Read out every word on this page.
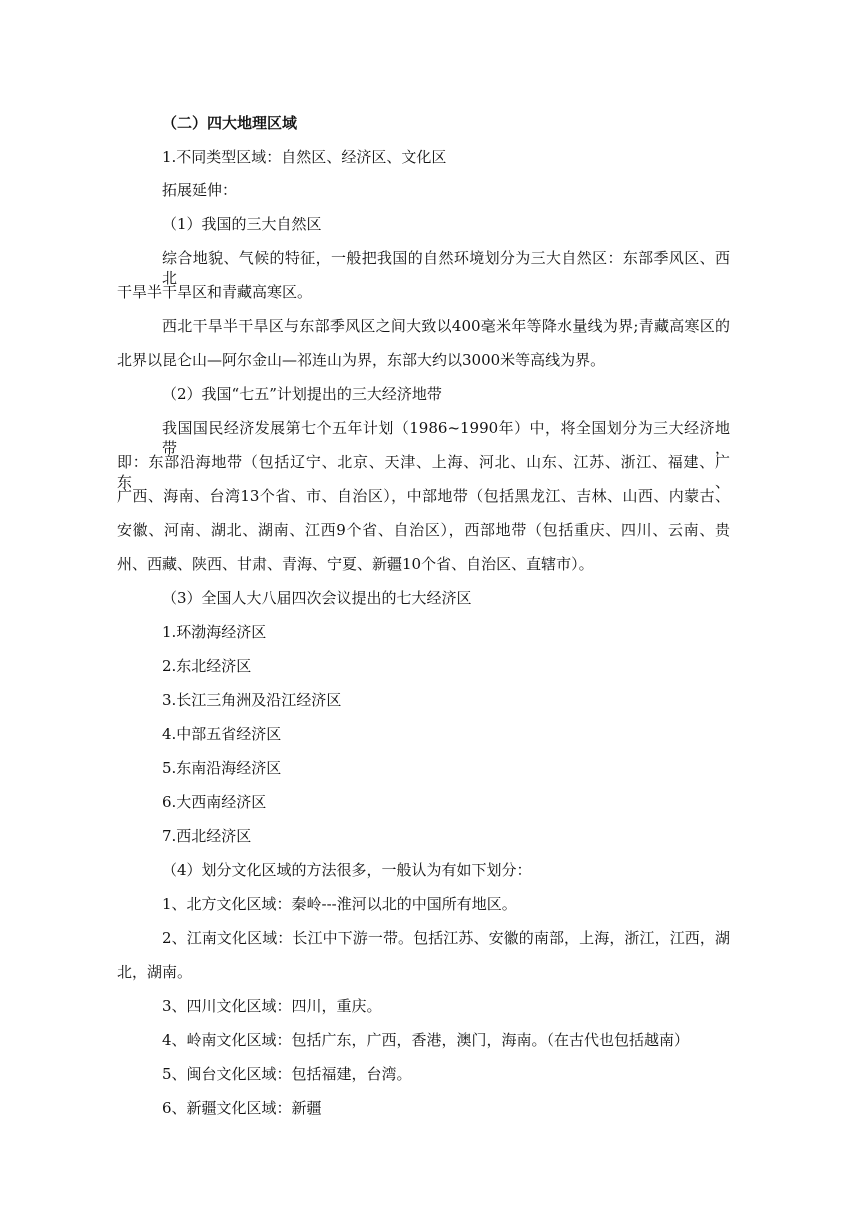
（二）四大地理区域

1.不同类型区域：自然区、经济区、文化区

拓展延伸：

（1）我国的三大自然区

综合地貌、气候的特征，一般把我国的自然环境划分为三大自然区：东部季风区、西北

干旱半干旱区和青藏高寒区。

西北干旱半干旱区与东部季风区之间大致以400毫米年等降水量线为界;青藏高寒区的

北界以昆仑山—阿尔金山—祁连山为界，东部大约以3000米等高线为界。

（2）我国“七五”计划提出的三大经济地带

我国国民经济发展第七个五年计划（1986~1990年）中，将全国划分为三大经济地带，

即：东部沿海地带（包括辽宁、北京、天津、上海、河北、山东、江苏、浙江、福建、广东、

广西、海南、台湾13个省、市、自治区），中部地带（包括黑龙江、吉林、山西、内蒙古、

安徽、河南、湖北、湖南、江西9个省、自治区），西部地带（包括重庆、四川、云南、贵

州、西藏、陕西、甘肃、青海、宁夏、新疆10个省、自治区、直辖市）。

（3）全国人大八届四次会议提出的七大经济区

1.环渤海经济区

2.东北经济区

3.长江三角洲及沿江经济区

4.中部五省经济区

5.东南沿海经济区

6.大西南经济区

7.西北经济区

（4）划分文化区域的方法很多，一般认为有如下划分：

1、北方文化区域：秦岭---淮河以北的中国所有地区。

2、江南文化区域：长江中下游一带。包括江苏、安徽的南部，上海，浙江，江西，湖

北，湖南。

3、四川文化区域：四川，重庆。

4、岭南文化区域：包括广东，广西，香港，澳门，海南。（在古代也包括越南）

5、闽台文化区域：包括福建，台湾。

6、新疆文化区域：新疆
